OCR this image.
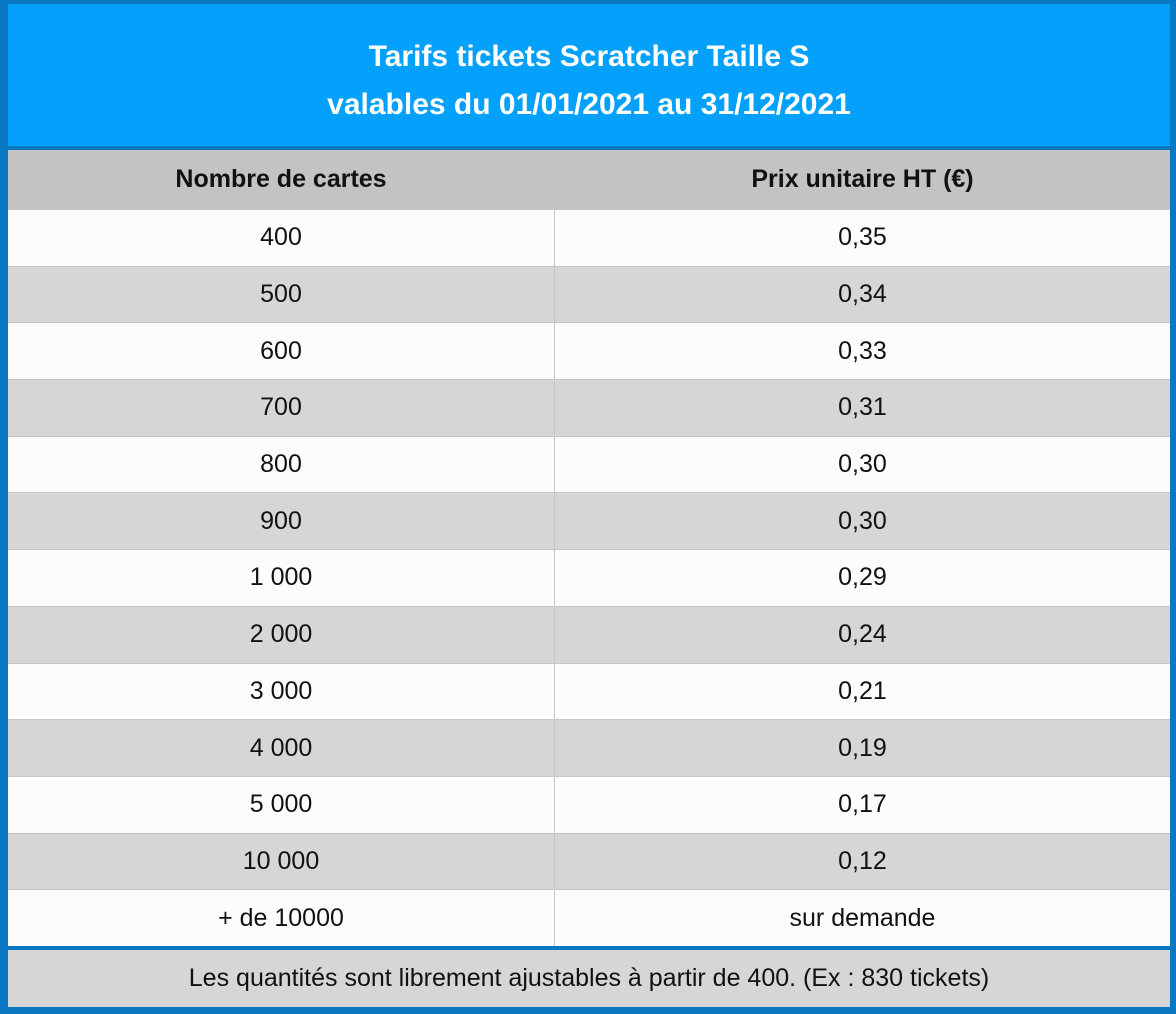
Tarifs tickets Scratcher Taille S
valables du 01/01/2021 au 31/12/2021
Nombre de cartes	Prix unitaire HT (€)
400	0,35
500	0,34
600	0,33
700	0,31
800	0,30
900	0,30
1 000	0,29
2 000	0,24
3 000	0,21
4 000	0,19
5 000	0,17
10 000	0,12
+ de 10000	sur demande
Les quantités sont librement ajustables à partir de 400. (Ex : 830 tickets)
